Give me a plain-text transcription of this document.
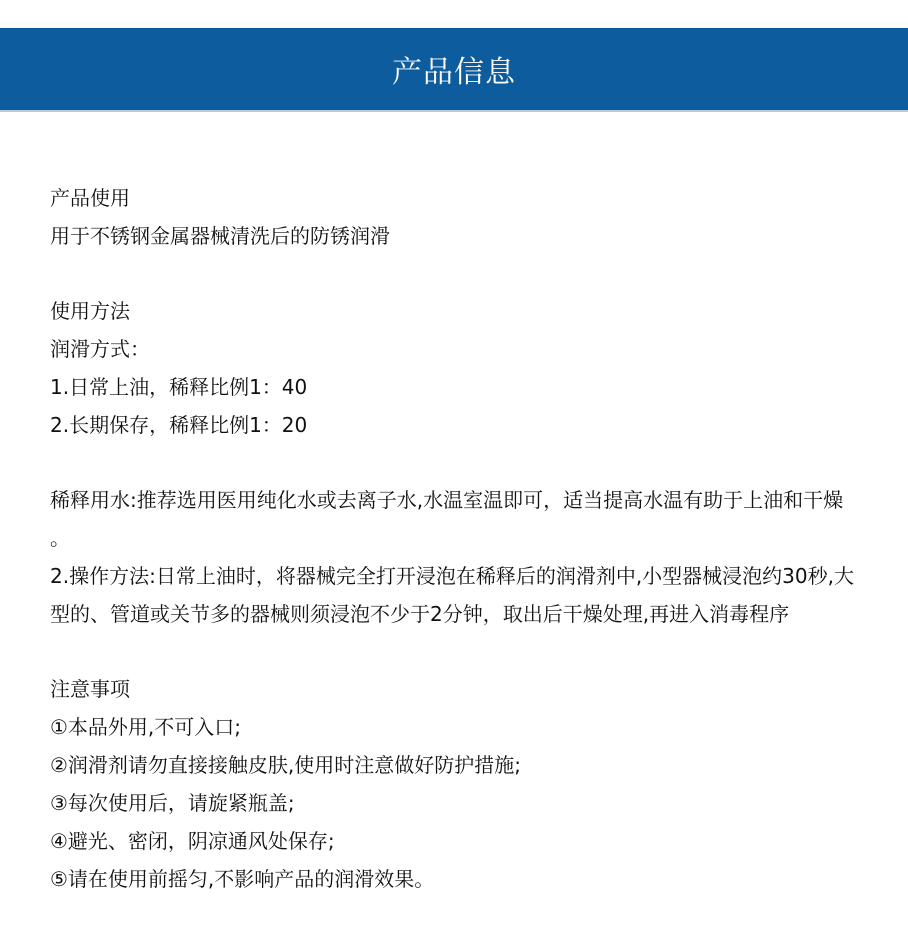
产品信息
产品使用
用于不锈钢金属器械清洗后的防锈润滑
使用方法
润滑方式：
1.日常上油，稀释比例1：40
2.长期保存，稀释比例1：20
稀释用水:推荐选用医用纯化水或去离子水,水温室温即可，适当提高水温有助于上油和干燥
。
2.操作方法:日常上油时，将器械完全打开浸泡在稀释后的润滑剂中,小型器械浸泡约30秒,大
型的、管道或关节多的器械则须浸泡不少于2分钟，取出后干燥处理,再进入消毒程序
注意事项
①本品外用,不可入口;
②润滑剂请勿直接接触皮肤,使用时注意做好防护措施;
③每次使用后，请旋紧瓶盖;
④避光、密闭，阴凉通风处保存;
⑤请在使用前摇匀,不影响产品的润滑效果。
